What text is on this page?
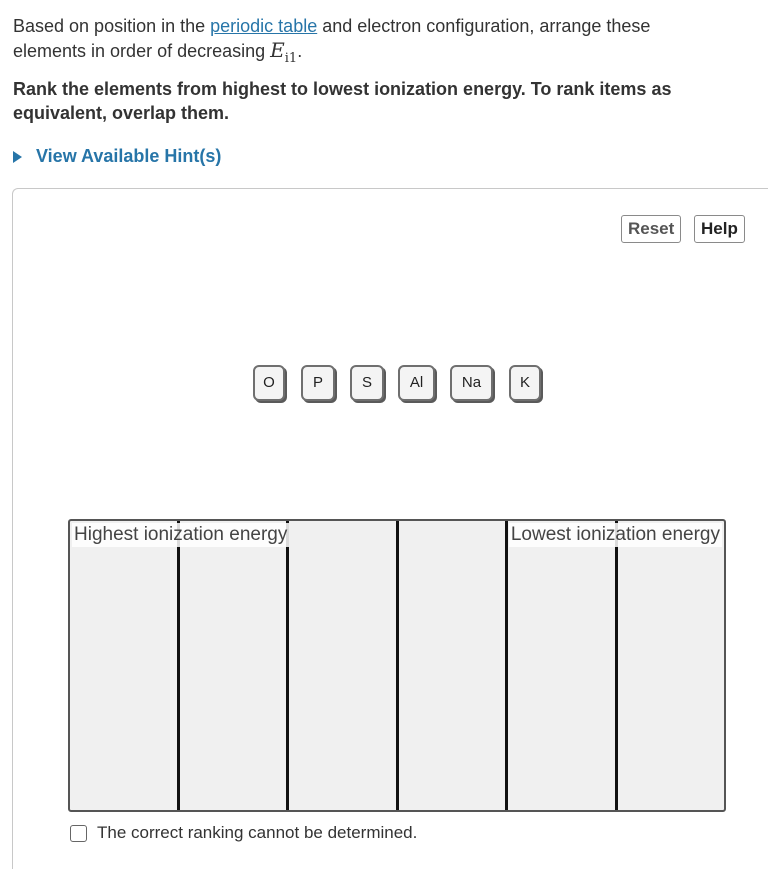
Based on position in the periodic table and electron configuration, arrange these elements in order of decreasing $E_{i1}$.
Rank the elements from highest to lowest ionization energy. To rank items as equivalent, overlap them.
View Available Hint(s)
Reset	Help
O	P	S	Al	Na	K
Highest ionization energy	Lowest ionization energy
The correct ranking cannot be determined.
